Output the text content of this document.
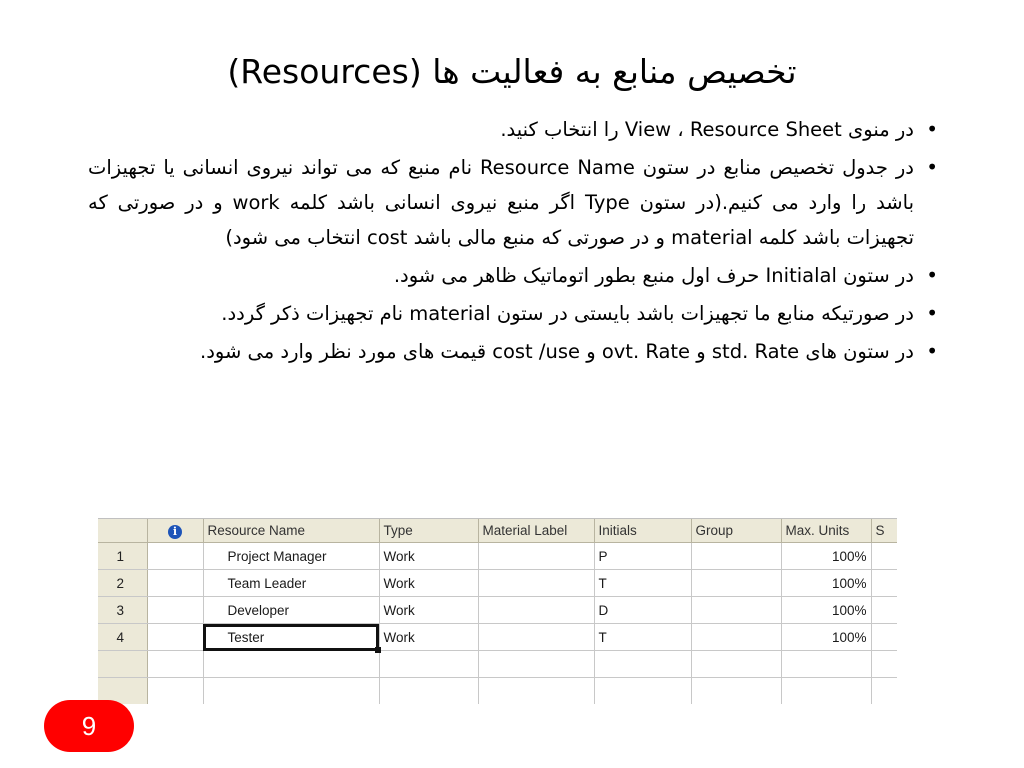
تخصیص منابع به فعالیت ها (Resources)
•
در منوی View ، Resource Sheet را انتخاب کنید.
•
در جدول تخصیص منابع در ستون Resource Name نام منبع که می تواند نیروی انسانی یا تجهیزات باشد را وارد می کنیم.(در ستون Type اگر منبع نیروی انسانی باشد کلمه work و در صورتی که تجهیزات باشد کلمه material و در صورتی که منبع مالی باشد cost انتخاب می شود)
•
در ستون Initialal حرف اول منبع بطور اتوماتیک ظاهر می شود.
•
در صورتیکه منابع ما تجهیزات باشد بایستی در ستون material نام تجهیزات ذکر گردد.
•
در ستون های std. Rate و ovt. Rate و cost /use قیمت های مورد نظر وارد می شود.
	i	Resource Name	Type	Material Label	Initials	Group	Max. Units	S
1		Project Manager	Work		P		100%	
2		Team Leader	Work		T		100%	
3		Developer	Work		D		100%	
4		Tester	Work		T		100%	

9
